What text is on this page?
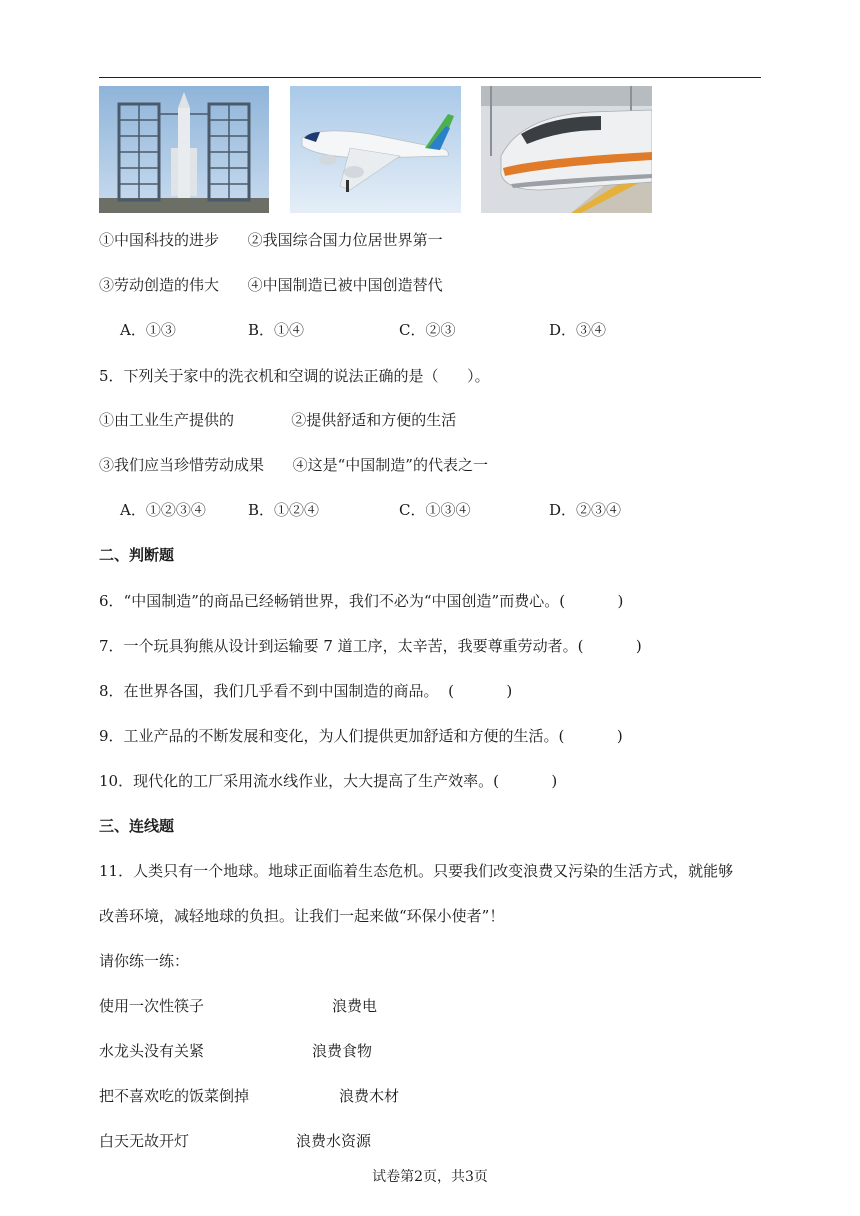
①中国科技的进步      ②我国综合国力位居世界第一
③劳动创造的伟大      ④中国制造已被中国创造替代
A．①③	B．①④	C．②③	D．③④
5．下列关于家中的洗衣机和空调的说法正确的是（      ）。
①由工业生产提供的            ②提供舒适和方便的生活
③我们应当珍惜劳动成果      ④这是“中国制造”的代表之一
A．①②③④	B．①②④	C．①③④	D．②③④
二、判断题
6．“中国制造”的商品已经畅销世界，我们不必为“中国创造”而费心。(           )
7．一个玩具狗熊从设计到运输要 7 道工序，太辛苦，我要尊重劳动者。(           )
8．在世界各国，我们几乎看不到中国制造的商品。  (           )
9．工业产品的不断发展和变化，为人们提供更加舒适和方便的生活。(           )
10．现代化的工厂采用流水线作业，大大提高了生产效率。(           )
三、连线题
11．人类只有一个地球。地球正面临着生态危机。只要我们改变浪费又污染的生活方式，就能够
改善环境，减轻地球的负担。让我们一起来做“环保小使者”！
请你练一练：
使用一次性筷子	浪费电
水龙头没有关紧	浪费食物
把不喜欢吃的饭菜倒掉	浪费木材
白天无故开灯	浪费水资源
试卷第2页，共3页
